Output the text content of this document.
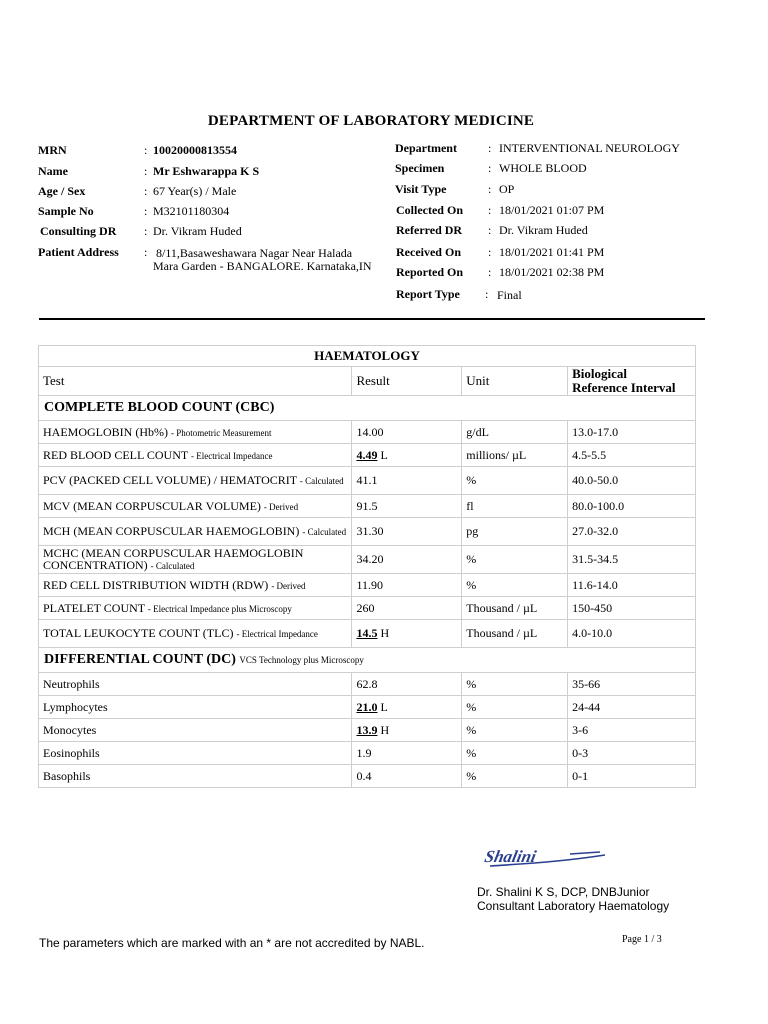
DEPARTMENT OF LABORATORY MEDICINE
MRN	: 10020000813554
Name	: Mr Eshwarappa K S
Age / Sex	: 67 Year(s) / Male
Sample No	: M32101180304
Consulting DR : Dr. Vikram Huded
Patient Address : 8/11,Basaweshawara Nagar Near Halada
Mara Garden - BANGALORE. Karnataka,IN
Department	: INTERVENTIONAL NEUROLOGY
Specimen	: WHOLE BLOOD
Visit Type	: OP
Collected On : 18/01/2021 01:07 PM
Referred DR : Dr. Vikram Huded
Received On : 18/01/2021 01:41 PM
Reported On : 18/01/2021 02:38 PM
Report Type : Final
HAEMATOLOGY			
Test	Result	Unit	Biological
Reference Interval
COMPLETE BLOOD COUNT (CBC)			
HAEMOGLOBIN (Hb%) - Photometric Measurement	14.00	g/dL	13.0-17.0
RED BLOOD CELL COUNT - Electrical Impedance	4.49 L	millions/ µL	4.5-5.5
PCV (PACKED CELL VOLUME) / HEMATOCRIT - Calculated	41.1	%	40.0-50.0
MCV (MEAN CORPUSCULAR VOLUME) - Derived	91.5	fl	80.0-100.0
MCH (MEAN CORPUSCULAR HAEMOGLOBIN) - Calculated	31.30	pg	27.0-32.0
MCHC (MEAN CORPUSCULAR HAEMOGLOBIN CONCENTRATION) - Calculated	34.20	%	31.5-34.5
RED CELL DISTRIBUTION WIDTH (RDW) - Derived	11.90	%	11.6-14.0
PLATELET COUNT - Electrical Impedance plus Microscopy	260	Thousand / µL	150-450
TOTAL LEUKOCYTE COUNT (TLC) - Electrical Impedance	14.5 H	Thousand / µL	4.0-10.0
DIFFERENTIAL COUNT (DC) VCS Technology plus Microscopy			
Neutrophils	62.8	%	35-66
Lymphocytes	21.0 L	%	24-44
Monocytes	13.9 H	%	3-6
Eosinophils	1.9	%	0-3
Basophils	0.4	%	0-1
Shalini
Dr. Shalini K S, DCP, DNBJunior
Consultant Laboratory Haematology
The parameters which are marked with an * are not accredited by NABL.	Page 1 / 3
